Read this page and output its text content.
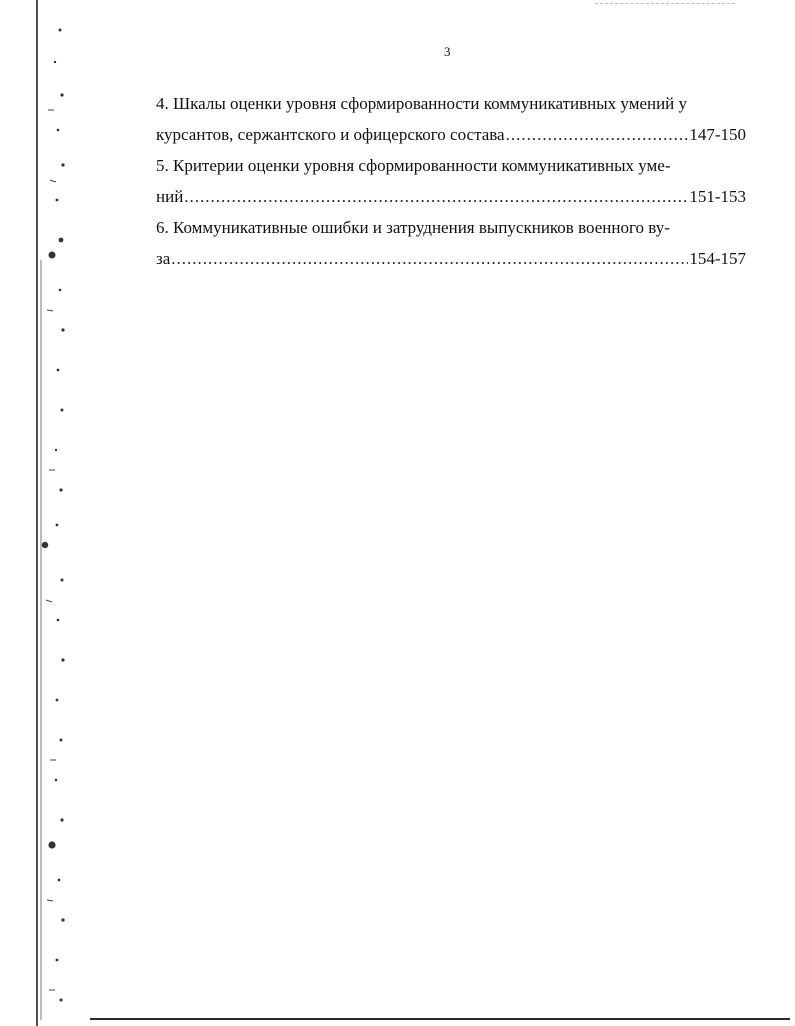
3
4. Шкалы оценки уровня сформированности коммуникативных умений у
курсантов, сержантского и офицерского состава .....	147-150
5. Критерии оценки уровня сформированности коммуникативных уме-
ний .....	151-153
6. Коммуникативные ошибки и затруднения выпускников военного ву-
за .....	154-157
